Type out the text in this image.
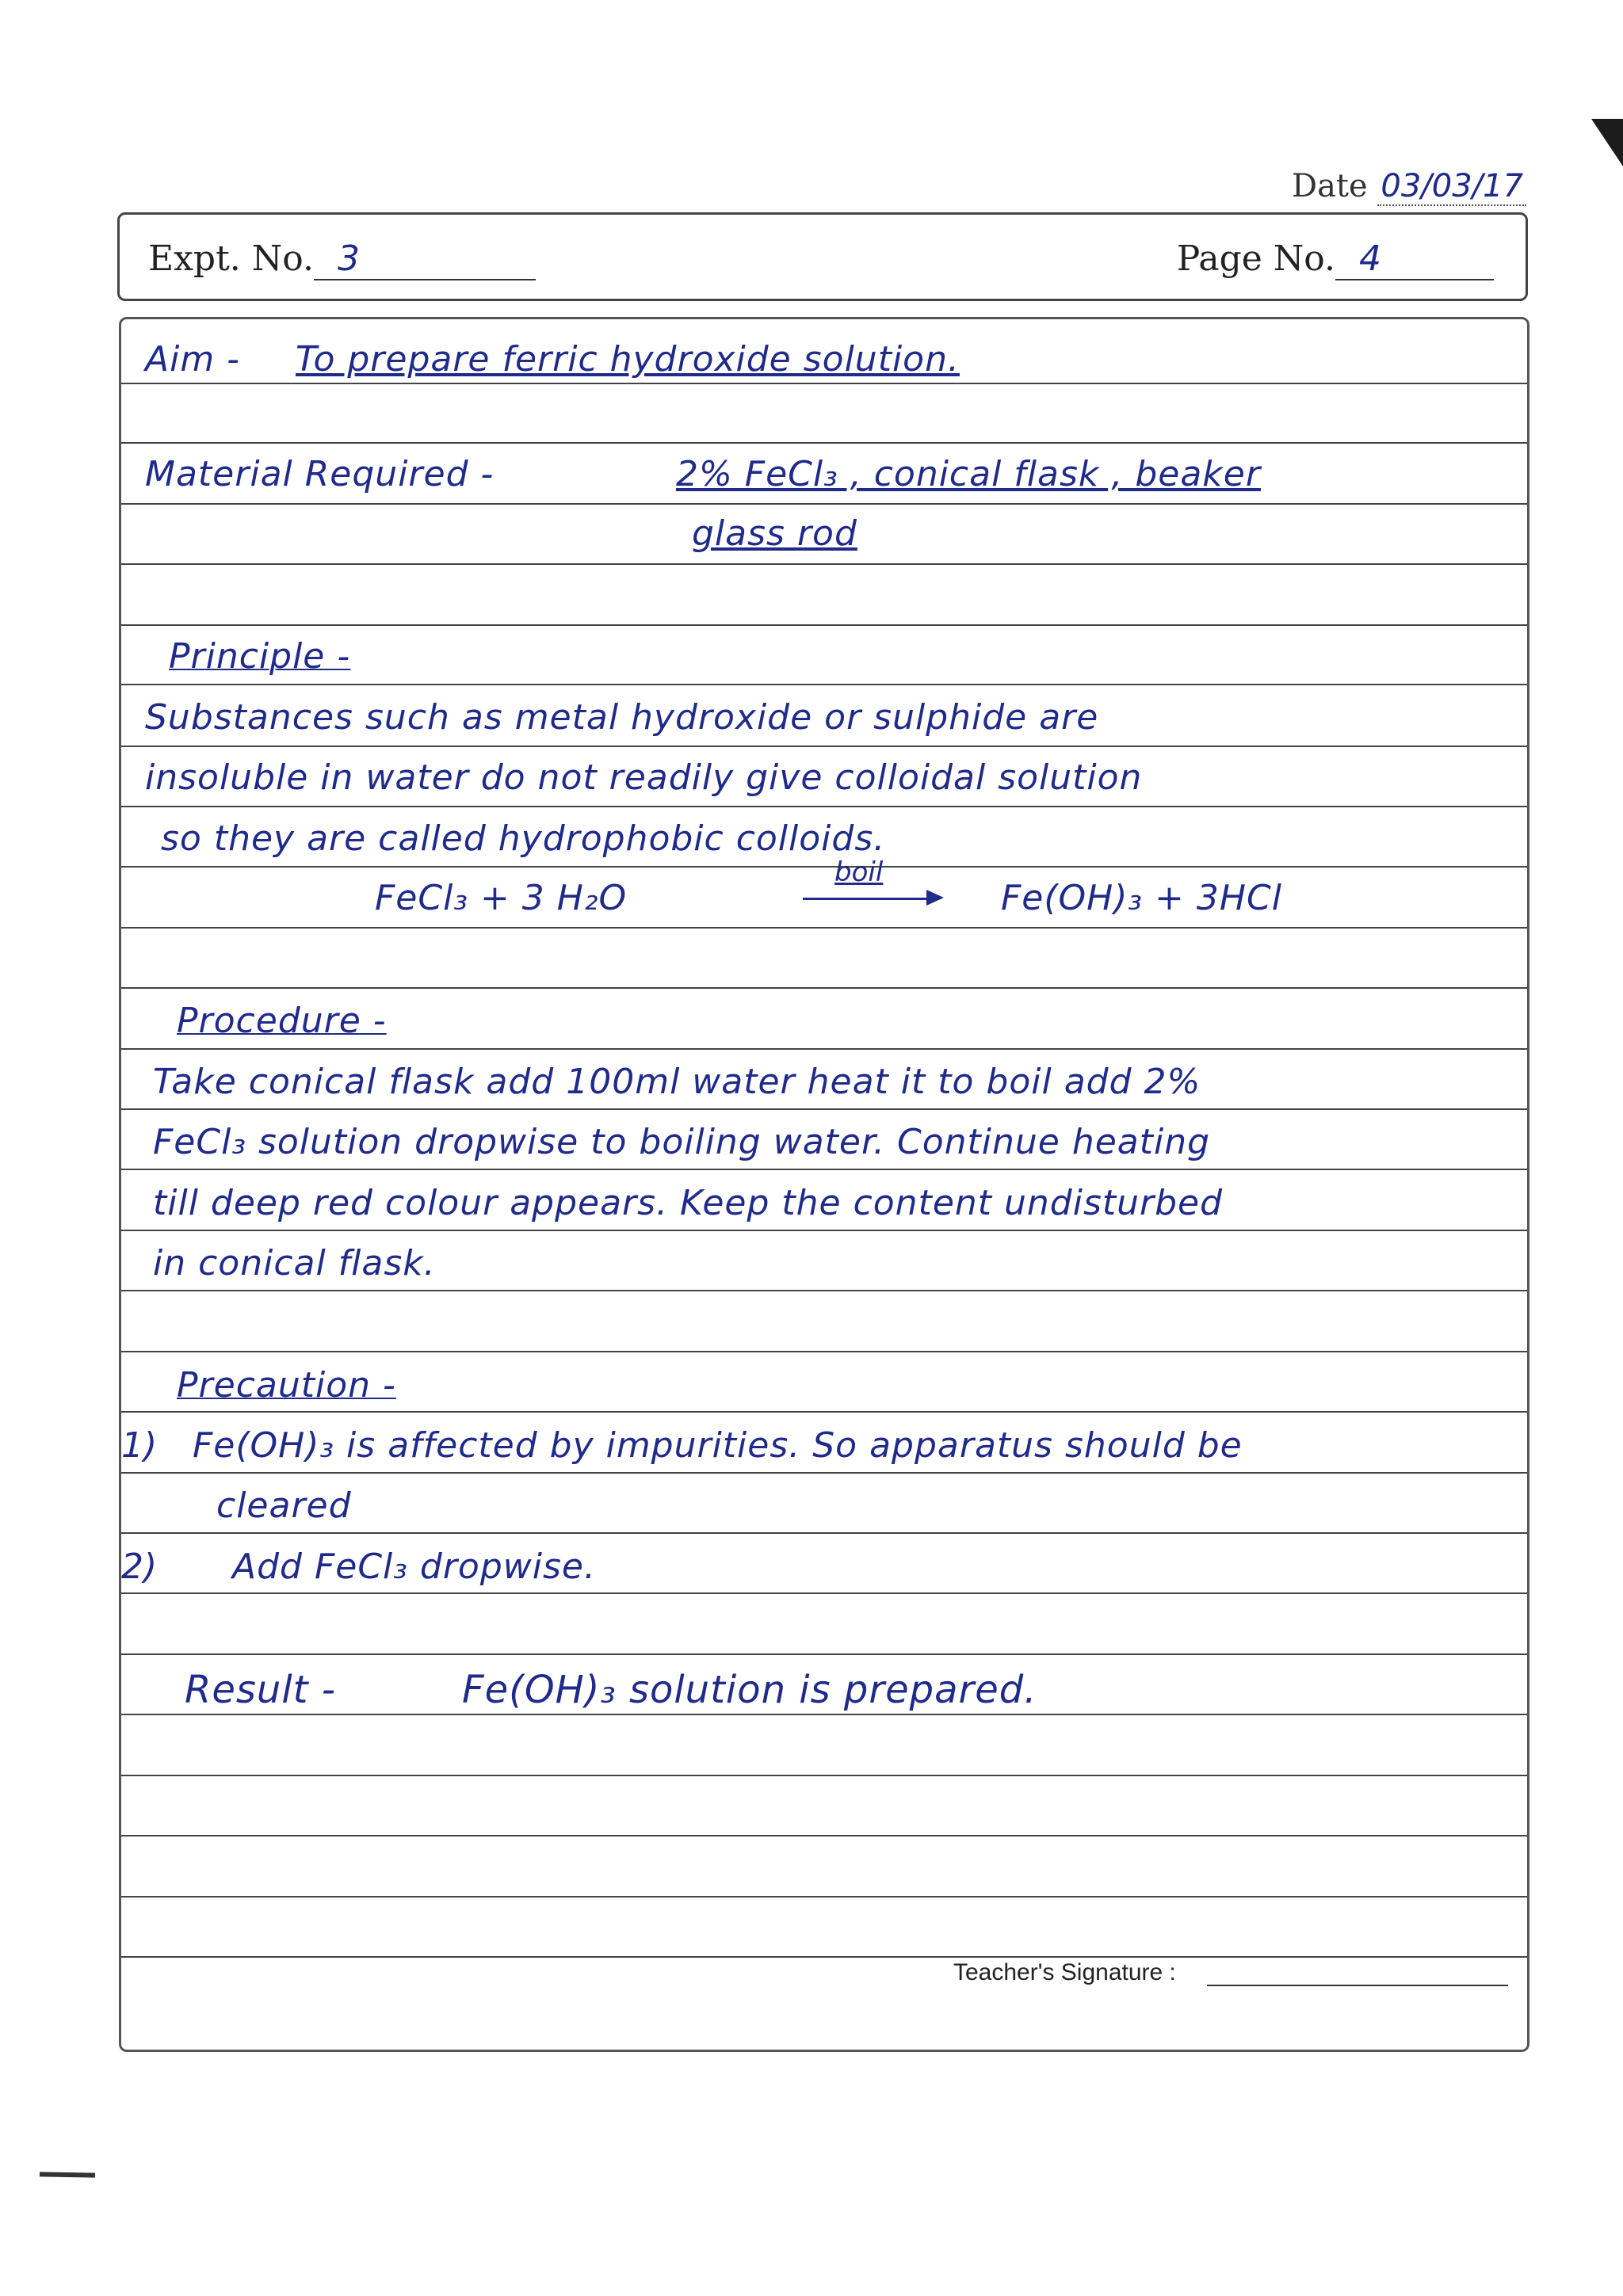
Date 03/03/17
Expt. No. 3	Page No. 4
Aim - To prepare ferric hydroxide solution.
Material Required -	2% FeCl₃ , conical flask , beaker
glass rod
Principle -
Substances such as metal hydroxide or sulphide are
insoluble in water do not readily give colloidal solution
so they are called hydrophobic colloids.
FeCl₃ + 3 H₂O
boil
Fe(OH)₃ + 3HCl
Procedure -
Take conical flask add 100ml water heat it to boil add 2%
FeCl₃ solution dropwise to boiling water. Continue heating
till deep red colour appears. Keep the content undisturbed
in conical flask.
Precaution -
1) Fe(OH)₃ is affected by impurities. So apparatus should be
cleared
2) Add FeCl₃ dropwise.
Result -	Fe(OH)₃ solution is prepared.
Teacher's Signature :
